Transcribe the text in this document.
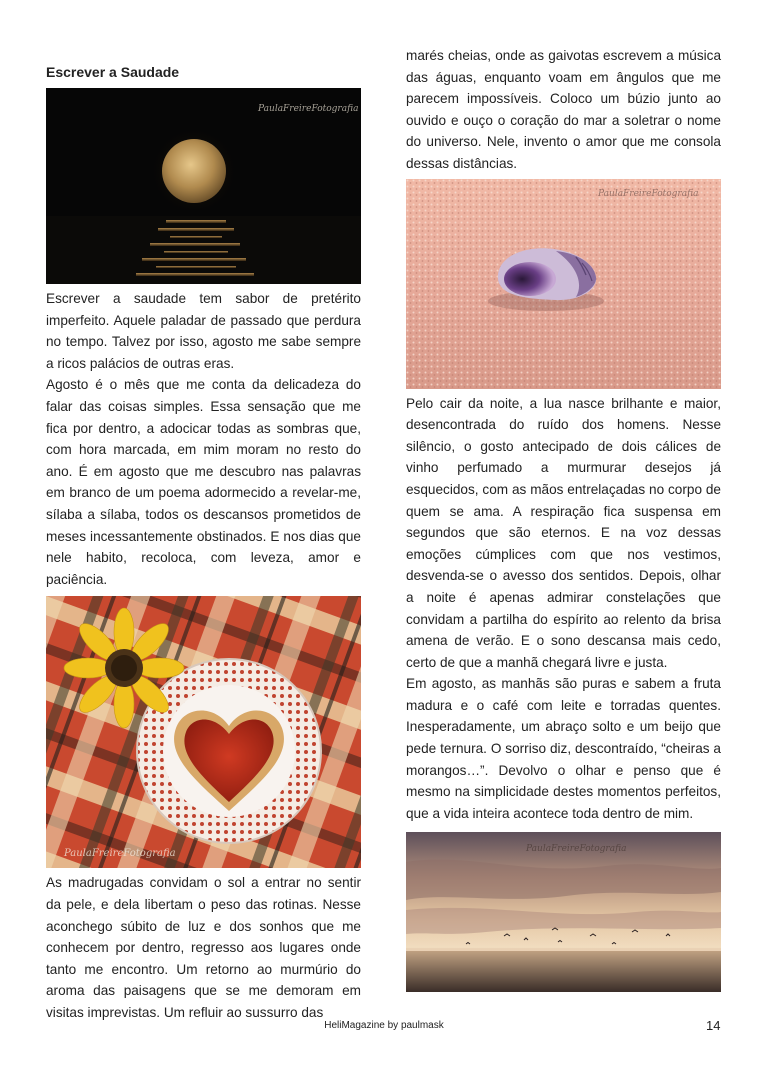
Escrever a Saudade
PaulaFreireFotografia

Escrever a saudade tem sabor de pretérito imperfeito. Aquele paladar de passado que perdura no tempo. Talvez por isso, agosto me sabe sempre a ricos palácios de outras eras.

Agosto é o mês que me conta da delicadeza do falar das coisas simples. Essa sensação que me fica por dentro, a adocicar todas as sombras que, com hora marcada, em mim moram no resto do ano. É em agosto que me descubro nas palavras em branco de um poema adormecido a revelar-me, sílaba a sílaba, todos os descansos prometidos de meses incessantemente obstinados. E nos dias que nele habito, recoloca, com leveza, amor e paciência.

PaulaFreireFotografia

As madrugadas convidam o sol a entrar no sentir da pele, e dela libertam o peso das rotinas. Nesse aconchego súbito de luz e dos sonhos que me conhecem por dentro, regresso aos lugares onde tanto me encontro. Um retorno ao murmúrio do aroma das paisagens que se me demoram em visitas imprevistas. Um refluir ao sussurro das

marés cheias, onde as gaivotas escrevem a música das águas, enquanto voam em ângulos que me parecem impossíveis. Coloco um búzio junto ao ouvido e ouço o coração do mar a soletrar o nome do universo. Nele, invento o amor que me consola dessas distâncias.

PaulaFreireFotografia

Pelo cair da noite, a lua nasce brilhante e maior, desencontrada do ruído dos homens. Nesse silêncio, o gosto antecipado de dois cálices de vinho perfumado a murmurar desejos já esquecidos, com as mãos entrelaçadas no corpo de quem se ama. A respiração fica suspensa em segundos que são eternos. E na voz dessas emoções cúmplices com que nos vestimos, desvenda-se o avesso dos sentidos. Depois, olhar a noite é apenas admirar constelações que convidam a partilha do espírito ao relento da brisa amena de verão. E o sono descansa mais cedo, certo de que a manhã chegará livre e justa.

Em agosto, as manhãs são puras e sabem a fruta madura e o café com leite e torradas quentes. Inesperadamente, um abraço solto e um beijo que pede ternura. O sorriso diz, descontraído, “cheiras a morangos…”. Devolvo o olhar e penso que é mesmo na simplicidade destes momentos perfeitos, que a vida inteira acontece toda dentro de mim.

PaulaFreireFotografia
HeliMagazine by paulmask	14
